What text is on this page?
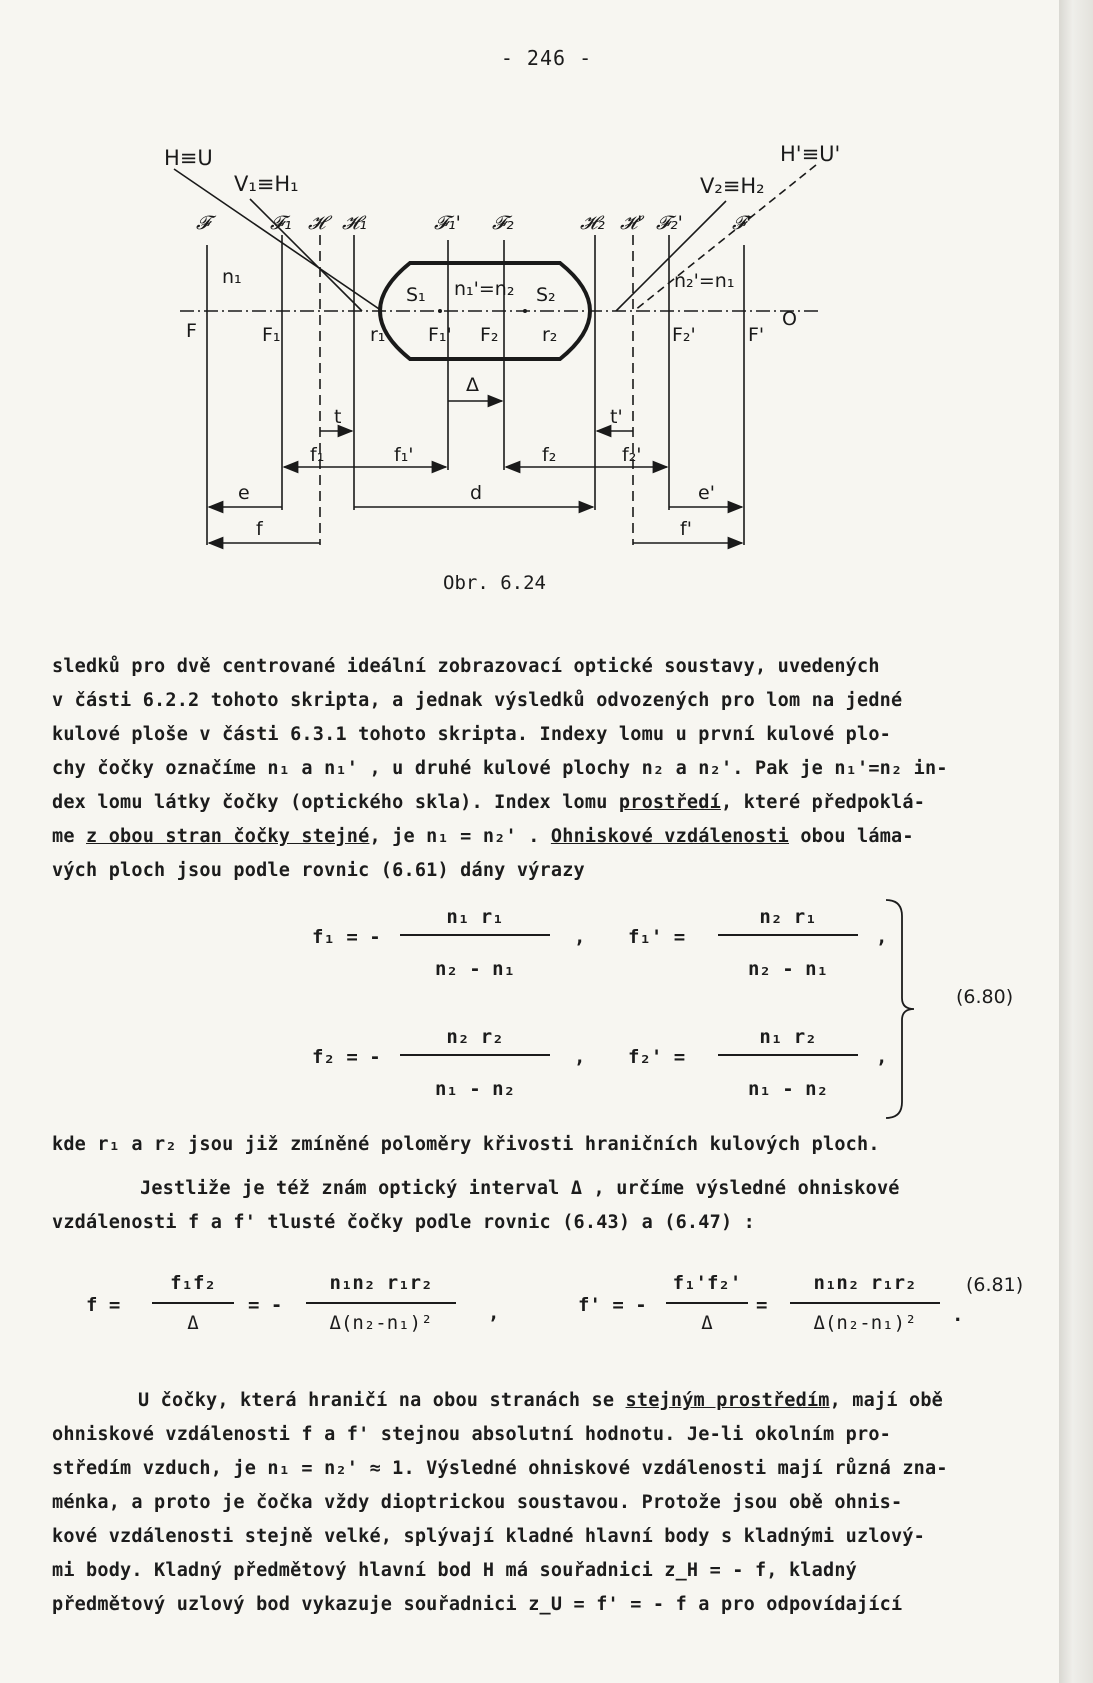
- 246 -
H≡U
V₁≡H₁	V₂≡H₂
H'≡U'
𝓕	𝓕₁ 𝓗 𝓗₁	𝓕₁' 𝓕₂	𝓗₂ 𝓗' 𝓕₂'	𝓕'
n₁
n₁'=n₂	n₂'=n₁
S₁	S₂
F	F₁	r₁ F₁' F₂ r₂	F₂'	F'
O
Δ
t	t'
f₁	f₁'	f₂	f₂'
e	d	e'
f	f'
Obr. 6.24
sledků pro dvě centrované ideální zobrazovací optické soustavy, uvedených
v části 6.2.2 tohoto skripta, a jednak výsledků odvozených pro lom na jedné
kulové ploše v části 6.3.1 tohoto skripta. Indexy lomu u první kulové plo-
chy čočky označíme n₁ a n₁' , u druhé kulové plochy n₂ a n₂'. Pak je n₁'=n₂ in-
dex lomu látky čočky (optického skla). Index lomu prostředí, které předpoklá-
me z obou stran čočky stejné, je n₁ = n₂' . Ohniskové vzdálenosti obou láma-
vých ploch jsou podle rovnic (6.61) dány výrazy
f₁ = -
n₁ r₁
n₂ - n₁
, f₁' =
n₂ r₁
n₂ - n₁
,
f₂ = -
n₂ r₂
n₁ - n₂
, f₂' =
n₁ r₂
n₁ - n₂
,
(6.80)
kde r₁ a r₂ jsou již zmíněné poloměry křivosti hraničních kulových ploch.
Jestliže je též znám optický interval Δ , určíme výsledné ohniskové
vzdálenosti f a f' tlusté čočky podle rovnic (6.43) a (6.47) :
f =
f₁f₂
Δ
= -
n₁n₂ r₁r₂
Δ(n₂-n₁)²	,	f' = -
f₁'f₂'
Δ
=
n₁n₂ r₁r₂
Δ(n₂-n₁)²	.
(6.81)
U čočky, která hraničí na obou stranách se stejným prostředím, mají obě
ohniskové vzdálenosti f a f' stejnou absolutní hodnotu. Je-li okolním pro-
středím vzduch, je n₁ = n₂' ≈ 1. Výsledné ohniskové vzdálenosti mají různá zna-
ménka, a proto je čočka vždy dioptrickou soustavou. Protože jsou obě ohnis-
kové vzdálenosti stejně velké, splývají kladné hlavní body s kladnými uzlový-
mi body. Kladný předmětový hlavní bod H má souřadnici z_H = - f, kladný
předmětový uzlový bod vykazuje souřadnici z_U = f' = - f a pro odpovídající
